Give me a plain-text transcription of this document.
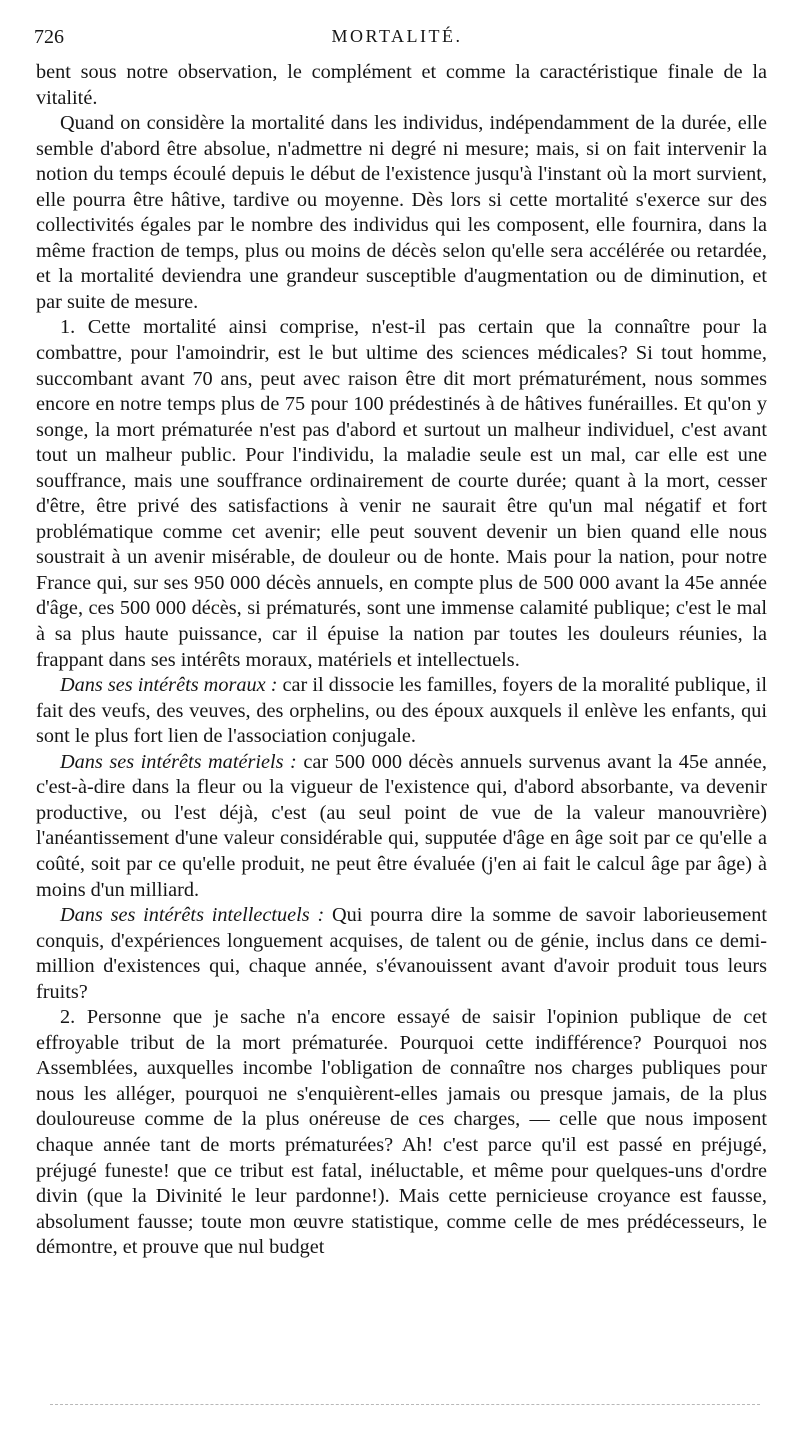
726	MORTALITÉ.

bent sous notre observation, le complément et comme la caractéristique finale de la vitalité.

Quand on considère la mortalité dans les individus, indépendamment de la durée, elle semble d'abord être absolue, n'admettre ni degré ni mesure; mais, si on fait intervenir la notion du temps écoulé depuis le début de l'existence jusqu'à l'instant où la mort survient, elle pourra être hâtive, tardive ou moyenne. Dès lors si cette mortalité s'exerce sur des collectivités égales par le nombre des individus qui les composent, elle fournira, dans la même fraction de temps, plus ou moins de décès selon qu'elle sera accélérée ou retardée, et la mortalité deviendra une grandeur susceptible d'augmentation ou de diminution, et par suite de mesure.

1. Cette mortalité ainsi comprise, n'est-il pas certain que la connaître pour la combattre, pour l'amoindrir, est le but ultime des sciences médicales? Si tout homme, succombant avant 70 ans, peut avec raison être dit mort prématurément, nous sommes encore en notre temps plus de 75 pour 100 prédestinés à de hâtives funérailles. Et qu'on y songe, la mort prématurée n'est pas d'abord et surtout un malheur individuel, c'est avant tout un malheur public. Pour l'individu, la maladie seule est un mal, car elle est une souffrance, mais une souffrance ordinairement de courte durée; quant à la mort, cesser d'être, être privé des satisfactions à venir ne saurait être qu'un mal négatif et fort problématique comme cet avenir; elle peut souvent devenir un bien quand elle nous soustrait à un avenir misérable, de douleur ou de honte. Mais pour la nation, pour notre France qui, sur ses 950 000 décès annuels, en compte plus de 500 000 avant la 45e année d'âge, ces 500 000 décès, si prématurés, sont une immense calamité publique; c'est le mal à sa plus haute puissance, car il épuise la nation par toutes les douleurs réunies, la frappant dans ses intérêts moraux, matériels et intellectuels.

Dans ses intérêts moraux : car il dissocie les familles, foyers de la moralité publique, il fait des veufs, des veuves, des orphelins, ou des époux auxquels il enlève les enfants, qui sont le plus fort lien de l'association conjugale.

Dans ses intérêts matériels : car 500 000 décès annuels survenus avant la 45e année, c'est-à-dire dans la fleur ou la vigueur de l'existence qui, d'abord absorbante, va devenir productive, ou l'est déjà, c'est (au seul point de vue de la valeur manouvrière) l'anéantissement d'une valeur considérable qui, supputée d'âge en âge soit par ce qu'elle a coûté, soit par ce qu'elle produit, ne peut être évaluée (j'en ai fait le calcul âge par âge) à moins d'un milliard.

Dans ses intérêts intellectuels : Qui pourra dire la somme de savoir laborieusement conquis, d'expériences longuement acquises, de talent ou de génie, inclus dans ce demi-million d'existences qui, chaque année, s'évanouissent avant d'avoir produit tous leurs fruits?

2. Personne que je sache n'a encore essayé de saisir l'opinion publique de cet effroyable tribut de la mort prématurée. Pourquoi cette indifférence? Pourquoi nos Assemblées, auxquelles incombe l'obligation de connaître nos charges publiques pour nous les alléger, pourquoi ne s'enquièrent-elles jamais ou presque jamais, de la plus douloureuse comme de la plus onéreuse de ces charges, — celle que nous imposent chaque année tant de morts prématurées? Ah! c'est parce qu'il est passé en préjugé, préjugé funeste! que ce tribut est fatal, inéluctable, et même pour quelques-uns d'ordre divin (que la Divinité le leur pardonne!). Mais cette pernicieuse croyance est fausse, absolument fausse; toute mon œuvre statistique, comme celle de mes prédécesseurs, le démontre, et prouve que nul budget
